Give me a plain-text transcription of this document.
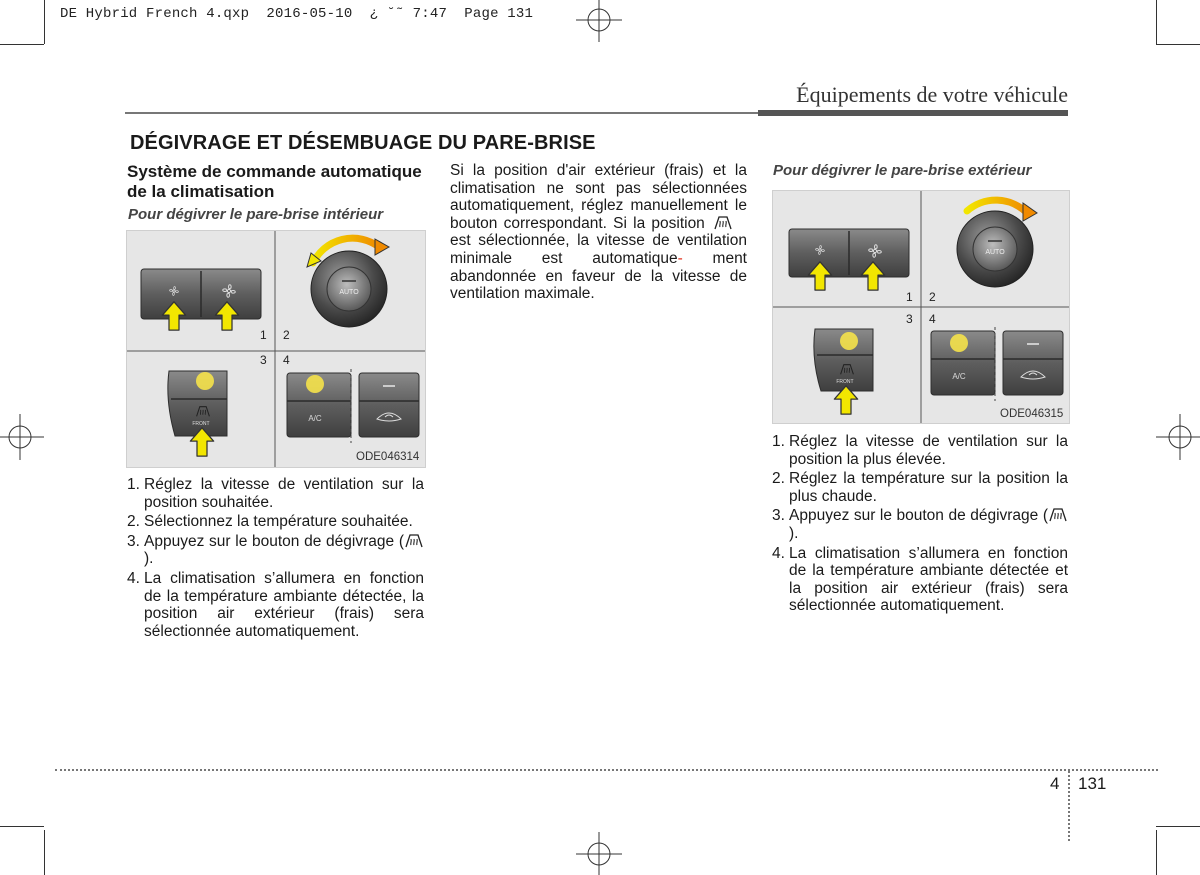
DE Hybrid French 4.qxp  2016-05-10  ¿ ˘˜ 7:47  Page 131
Équipements de votre véhicule
DÉGIVRAGE ET DÉSEMBUAGE DU PARE-BRISE
Système de commande automatique de la climatisation
Pour dégivrer le pare-brise intérieur
AUTO
1 2
3 4
FRONT
A/C
ODE046314
1. Réglez la vitesse de ventilation sur la position souhaitée.
2. Sélectionnez la température souhaitée.
3. Appuyez sur le bouton de dégivrage ().
4. La climatisation s’allumera en fonction de la température ambiante détectée, la position air extérieur (frais) sera sélectionnée automatiquement.
Si la position d'air extérieur (frais) et la climatisation ne sont pas sélectionnées automatiquement, réglez manuellement le bouton correspondant. Si la position  est sélectionnée, la vitesse de ventilation minimale est automatique- ment abandonnée en faveur de la vitesse de ventilation maximale.
Pour dégivrer le pare-brise extérieur
AUTO
1 2
3 4
FRONT
A/C
ODE046315
1. Réglez la vitesse de ventilation sur la position la plus élevée.
2. Réglez la température sur la position la plus chaude.
3. Appuyez sur le bouton de dégivrage ().
4. La climatisation s’allumera en fonction de la température ambiante détectée et la position air extérieur (frais) sera sélectionnée automatiquement.
4 131
